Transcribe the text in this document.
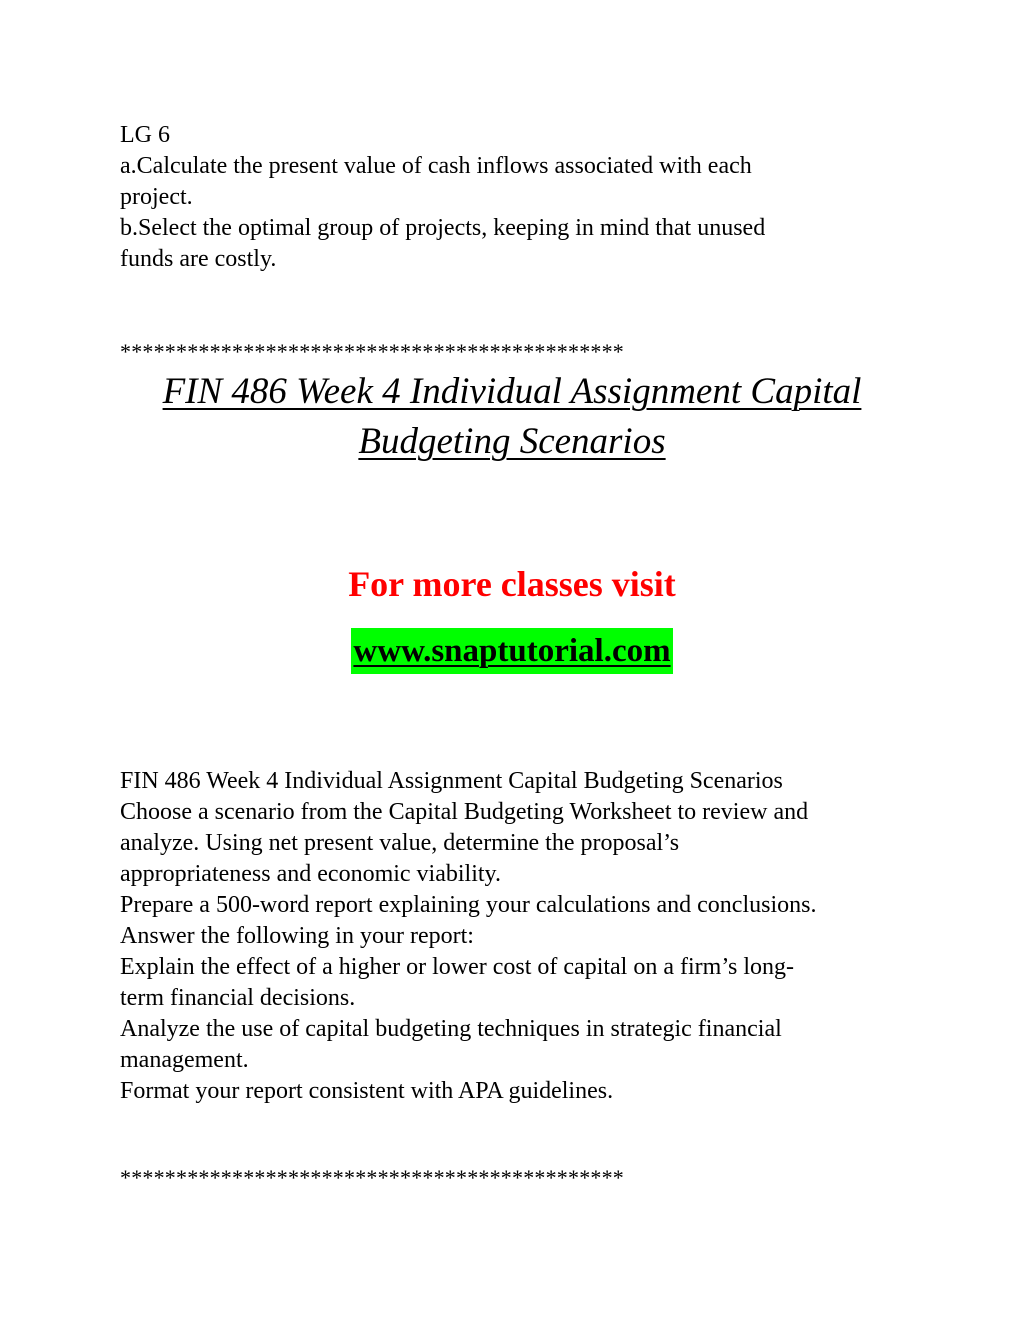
LG 6

a.Calculate the present value of cash inflows associated with each

project.

b.Select the optimal group of projects, keeping in mind that unused

funds are costly.

*********************************************
FIN 486 Week 4 Individual Assignment Capital
Budgeting Scenarios
For more classes visit
www.snaptutorial.com

FIN 486 Week 4 Individual Assignment Capital Budgeting Scenarios

Choose a scenario from the Capital Budgeting Worksheet to review and

analyze. Using net present value, determine the proposal’s

appropriateness and economic viability.

Prepare a 500-word report explaining your calculations and conclusions.

Answer the following in your report:

Explain the effect of a higher or lower cost of capital on a firm’s long-

term financial decisions.

Analyze the use of capital budgeting techniques in strategic financial

management.

Format your report consistent with APA guidelines.

*********************************************
